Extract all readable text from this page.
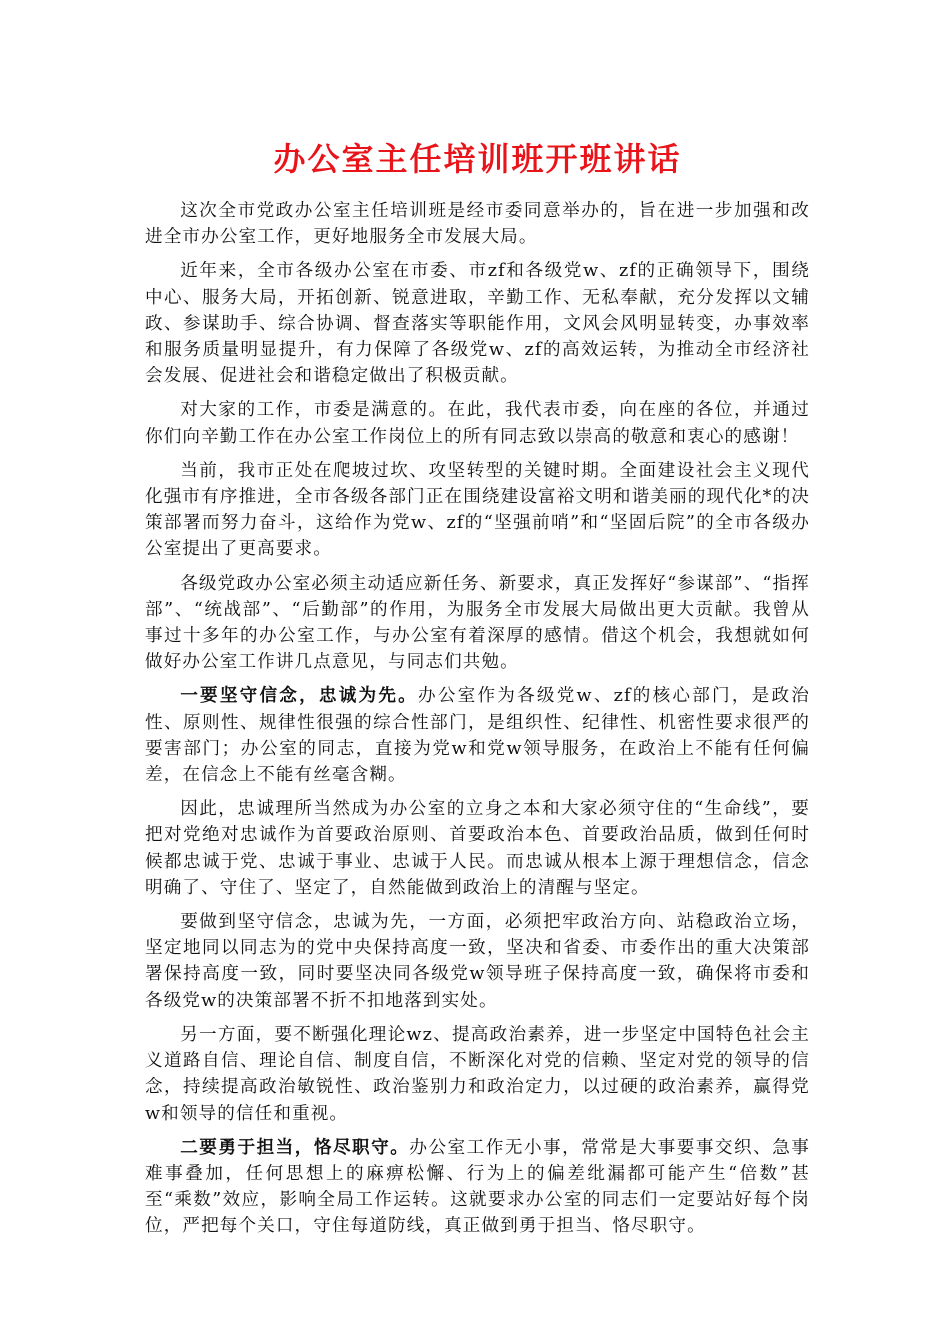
办公室主任培训班开班讲话

这次全市党政办公室主任培训班是经市委同意举办的，旨在进一步加强和改进全市办公室工作，更好地服务全市发展大局。

近年来，全市各级办公室在市委、市zf和各级党w、zf的正确领导下，围绕中心、服务大局，开拓创新、锐意进取，辛勤工作、无私奉献，充分发挥以文辅政、参谋助手、综合协调、督查落实等职能作用，文风会风明显转变，办事效率和服务质量明显提升，有力保障了各级党w、zf的高效运转，为推动全市经济社会发展、促进社会和谐稳定做出了积极贡献。

对大家的工作，市委是满意的。在此，我代表市委，向在座的各位，并通过你们向辛勤工作在办公室工作岗位上的所有同志致以崇高的敬意和衷心的感谢！

当前，我市正处在爬坡过坎、攻坚转型的关键时期。全面建设社会主义现代化强市有序推进，全市各级各部门正在围绕建设富裕文明和谐美丽的现代化*的决策部署而努力奋斗，这给作为党w、zf的“坚强前哨”和“坚固后院”的全市各级办公室提出了更高要求。

各级党政办公室必须主动适应新任务、新要求，真正发挥好“参谋部”、“指挥部”、“统战部”、“后勤部”的作用，为服务全市发展大局做出更大贡献。我曾从事过十多年的办公室工作，与办公室有着深厚的感情。借这个机会，我想就如何做好办公室工作讲几点意见，与同志们共勉。

一要坚守信念，忠诚为先。办公室作为各级党w、zf的核心部门，是政治性、原则性、规律性很强的综合性部门，是组织性、纪律性、机密性要求很严的要害部门；办公室的同志，直接为党w和党w领导服务，在政治上不能有任何偏差，在信念上不能有丝毫含糊。

因此，忠诚理所当然成为办公室的立身之本和大家必须守住的“生命线”，要把对党绝对忠诚作为首要政治原则、首要政治本色、首要政治品质，做到任何时候都忠诚于党、忠诚于事业、忠诚于人民。而忠诚从根本上源于理想信念，信念明确了、守住了、坚定了，自然能做到政治上的清醒与坚定。

要做到坚守信念，忠诚为先，一方面，必须把牢政治方向、站稳政治立场，坚定地同以同志为的党中央保持高度一致，坚决和省委、市委作出的重大决策部署保持高度一致，同时要坚决同各级党w领导班子保持高度一致，确保将市委和各级党w的决策部署不折不扣地落到实处。

另一方面，要不断强化理论wz、提高政治素养，进一步坚定中国特色社会主义道路自信、理论自信、制度自信，不断深化对党的信赖、坚定对党的领导的信念，持续提高政治敏锐性、政治鉴别力和政治定力，以过硬的政治素养，赢得党w和领导的信任和重视。

二要勇于担当，恪尽职守。办公室工作无小事，常常是大事要事交织、急事难事叠加，任何思想上的麻痹松懈、行为上的偏差纰漏都可能产生“倍数”甚至“乘数”效应，影响全局工作运转。这就要求办公室的同志们一定要站好每个岗位，严把每个关口，守住每道防线，真正做到勇于担当、恪尽职守。
